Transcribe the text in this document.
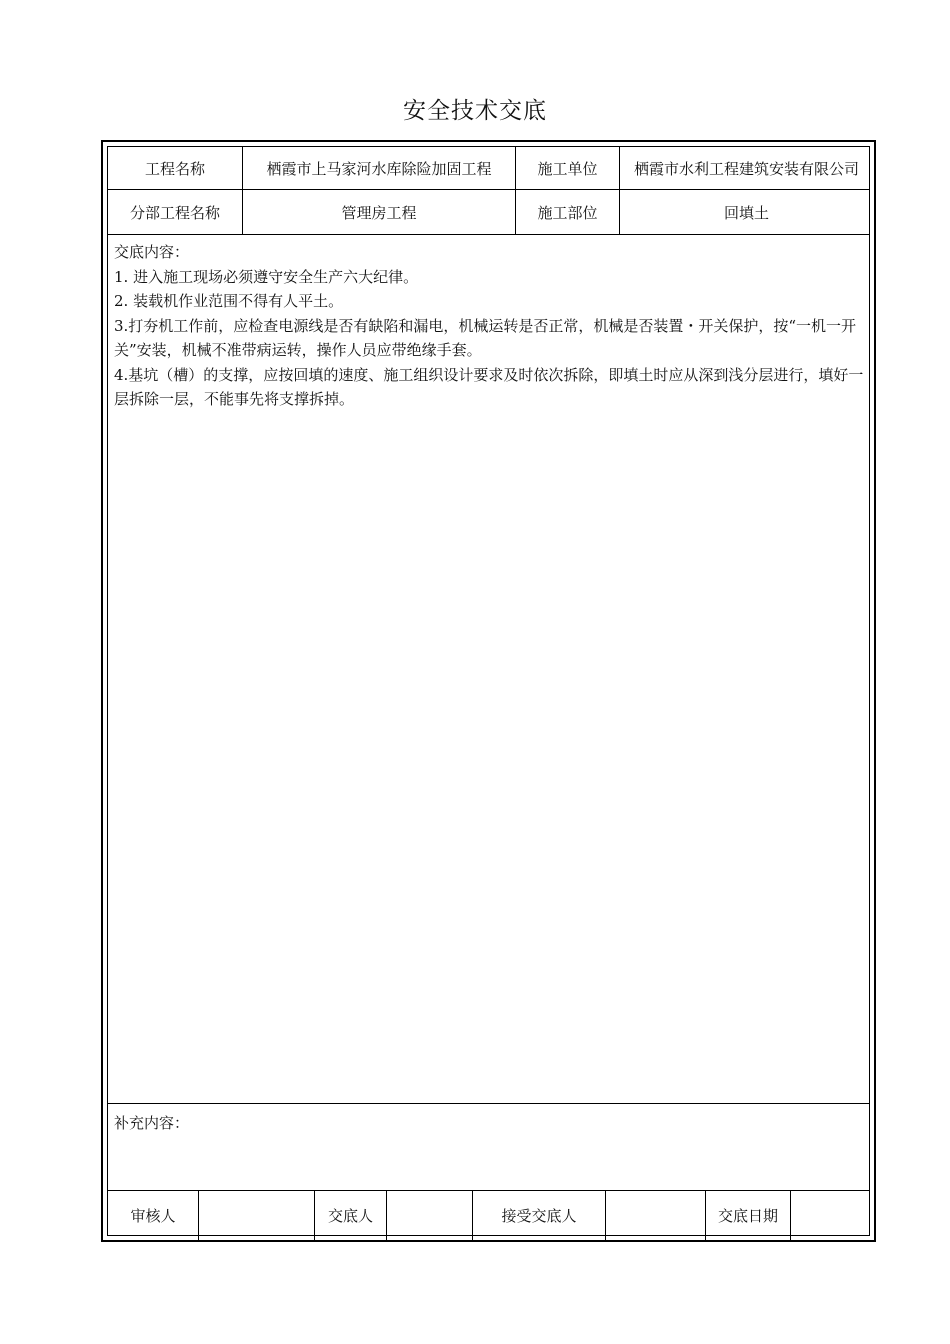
安全技术交底
工程名称	栖霞市上马家河水库除险加固工程	施工单位	栖霞市水利工程建筑安装有限公司
分部工程名称	管理房工程	施工部位	回填土

交底内容：

1. 进入施工现场必须遵守安全生产六大纪律。

2. 装载机作业范围不得有人平土。

3.打夯机工作前，应检查电源线是否有缺陷和漏电，机械运转是否正常，机械是否装置・开关保护，按“一机一开关”安装，机械不准带病运转，操作人员应带绝缘手套。

4.基坑（槽）的支撑，应按回填的速度、施工组织设计要求及时依次拆除，即填土时应从深到浅分层进行，填好一层拆除一层，不能事先将支撑拆掉。

补充内容：
审核人	交底人	接受交底人	交底日期
